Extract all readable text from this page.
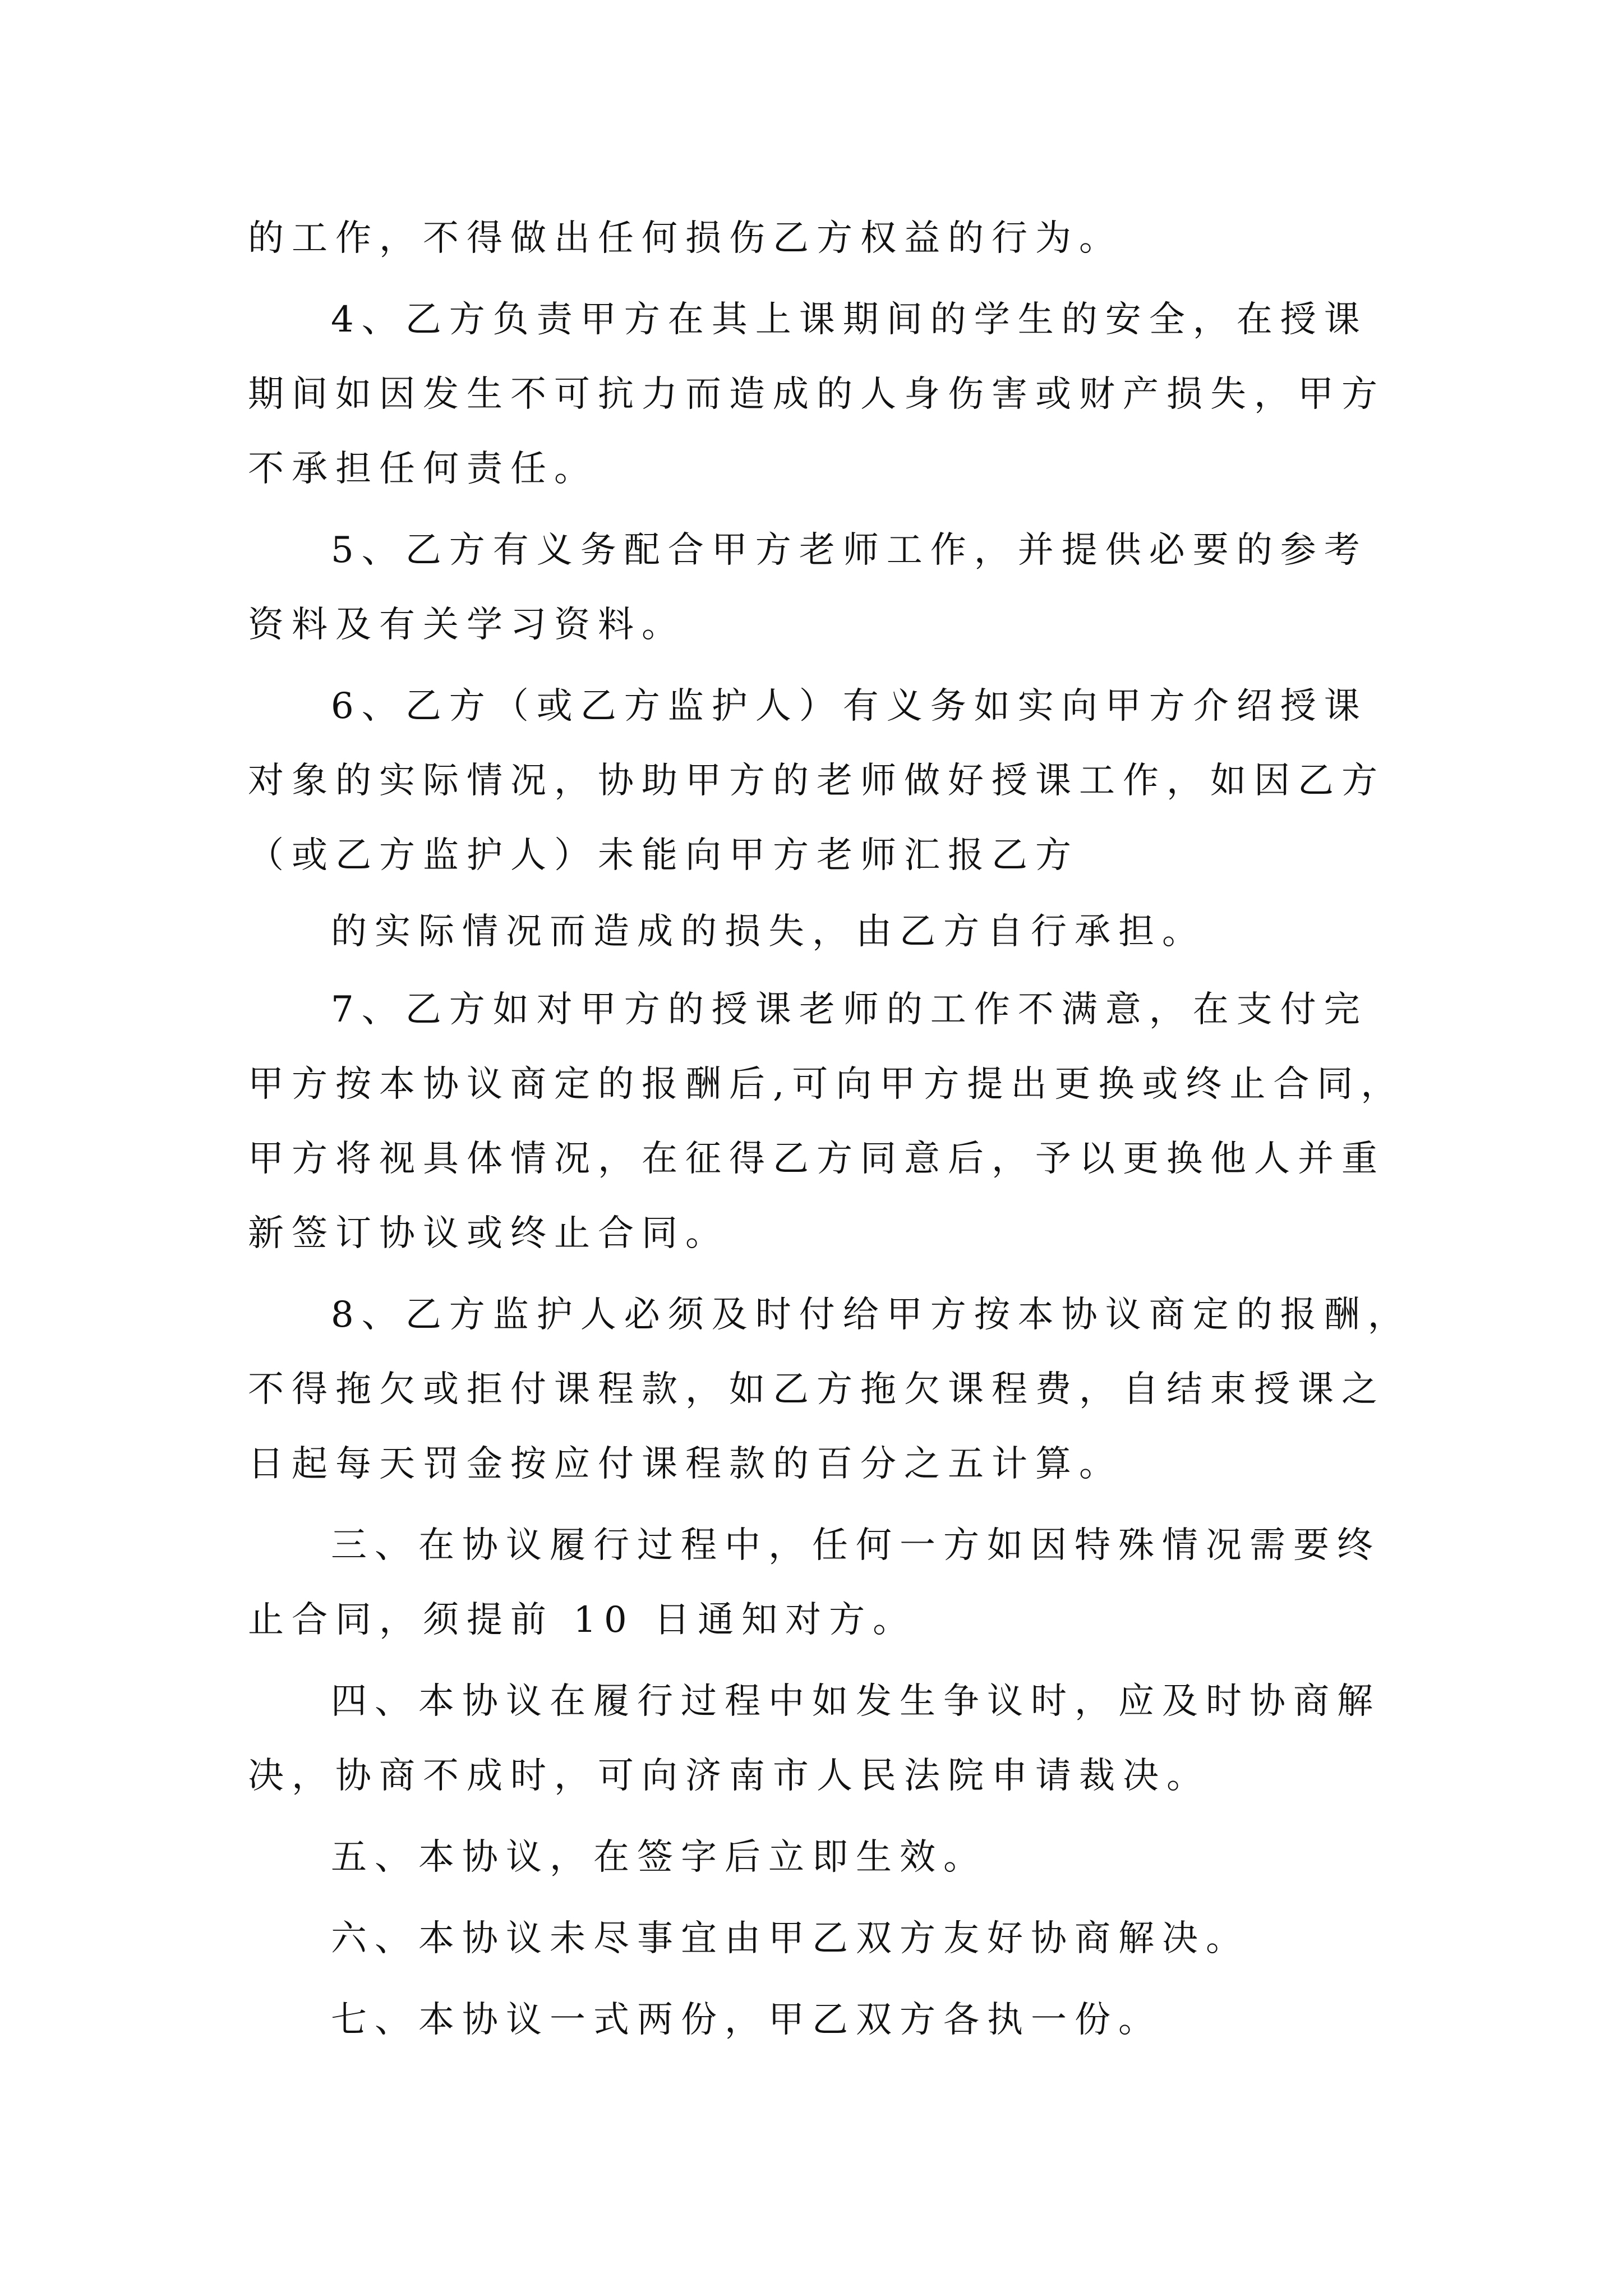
的工作，不得做出任何损伤乙方权益的行为。
4、乙方负责甲方在其上课期间的学生的安全，在授课
期间如因发生不可抗力而造成的人身伤害或财产损失，甲方
不承担任何责任。
5、乙方有义务配合甲方老师工作，并提供必要的参考
资料及有关学习资料。
6、乙方（或乙方监护人）有义务如实向甲方介绍授课
对象的实际情况，协助甲方的老师做好授课工作，如因乙方
（或乙方监护人）未能向甲方老师汇报乙方
的实际情况而造成的损失，由乙方自行承担。
7、乙方如对甲方的授课老师的工作不满意，在支付完
甲方按本协议商定的报酬后,可向甲方提出更换或终止合同，
甲方将视具体情况，在征得乙方同意后，予以更换他人并重
新签订协议或终止合同。
8、乙方监护人必须及时付给甲方按本协议商定的报酬，
不得拖欠或拒付课程款，如乙方拖欠课程费，自结束授课之
日起每天罚金按应付课程款的百分之五计算。
三、在协议履行过程中，任何一方如因特殊情况需要终
止合同，须提前 10 日通知对方。
四、本协议在履行过程中如发生争议时，应及时协商解
决，协商不成时，可向济南市人民法院申请裁决。
五、本协议，在签字后立即生效。
六、本协议未尽事宜由甲乙双方友好协商解决。
七、本协议一式两份，甲乙双方各执一份。
